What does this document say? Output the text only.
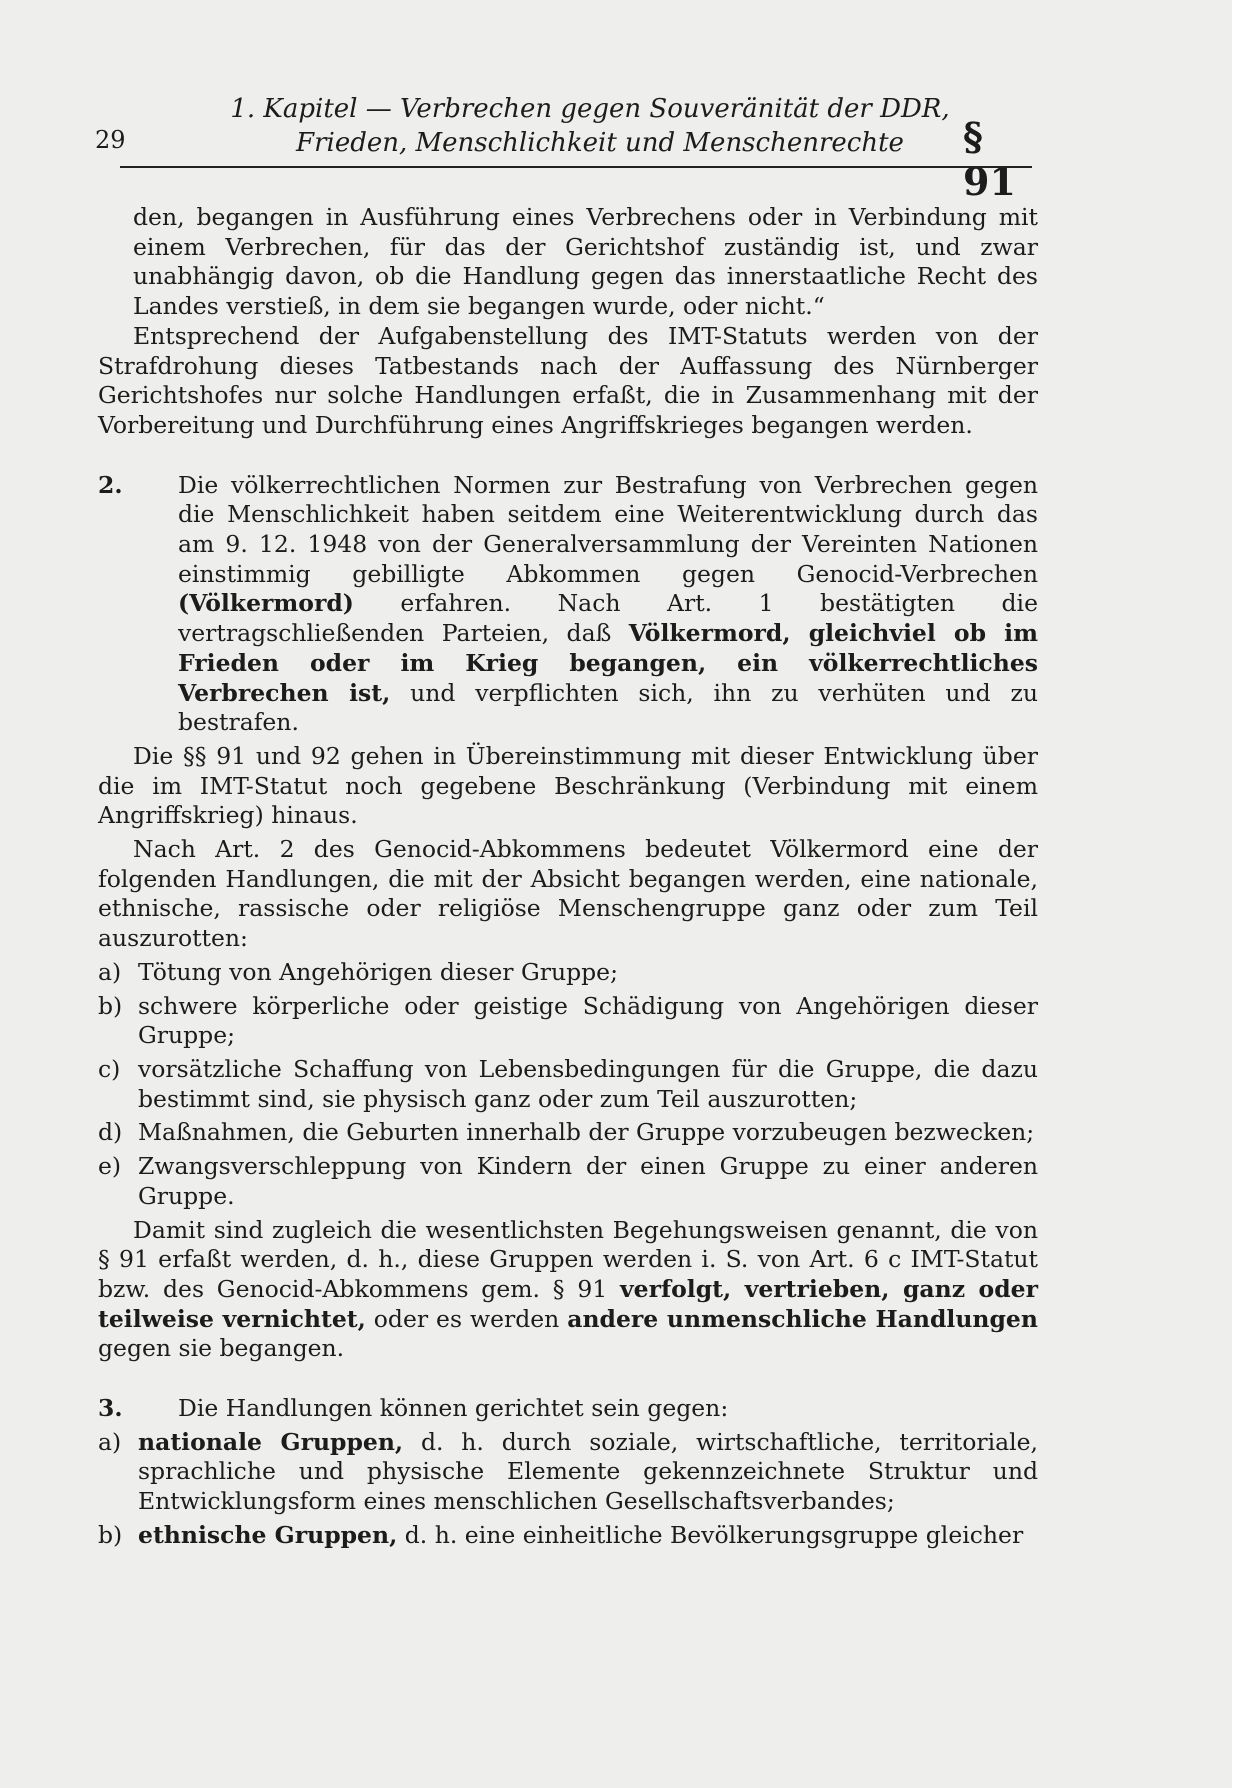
29
1. Kapitel — Verbrechen gegen Souveränität der DDR,
Frieden, Menschlichkeit und Menschenrechte	§ 91

den, begangen in Ausführung eines Verbrechens oder in Verbindung mit einem Verbrechen, für das der Gerichtshof zuständig ist, und zwar unabhängig davon, ob die Handlung gegen das innerstaatliche Recht des Landes verstieß, in dem sie begangen wurde, oder nicht.“

Entsprechend der Aufgabenstellung des IMT-Statuts werden von der Strafdrohung dieses Tatbestands nach der Auffassung des Nürnberger Gerichtshofes nur solche Handlungen erfaßt, die in Zusammenhang mit der Vorbereitung und Durchführung eines Angriffskrieges begangen werden.

2.	Die völkerrechtlichen Normen zur Bestrafung von Verbrechen gegen die Menschlichkeit haben seitdem eine Weiterentwicklung durch das am 9. 12. 1948 von der Generalversammlung der Vereinten Nationen einstimmig gebilligte Abkommen gegen Genocid-Verbrechen (Völkermord) erfahren. Nach Art. 1 bestätigten die vertragschließenden Parteien, daß Völkermord, gleichviel ob im Frieden oder im Krieg begangen, ein völkerrechtliches Verbrechen ist, und verpflichten sich, ihn zu verhüten und zu bestrafen.

Die §§ 91 und 92 gehen in Übereinstimmung mit dieser Entwicklung über die im IMT-Statut noch gegebene Beschränkung (Verbindung mit einem Angriffskrieg) hinaus.

Nach Art. 2 des Genocid-Abkommens bedeutet Völkermord eine der folgenden Handlungen, die mit der Absicht begangen werden, eine nationale, ethnische, rassische oder religiöse Menschengruppe ganz oder zum Teil auszurotten:

a) Tötung von Angehörigen dieser Gruppe;
b) schwere körperliche oder geistige Schädigung von Angehörigen dieser Gruppe;
c) vorsätzliche Schaffung von Lebensbedingungen für die Gruppe, die dazu bestimmt sind, sie physisch ganz oder zum Teil auszurotten;
d) Maßnahmen, die Geburten innerhalb der Gruppe vorzubeugen bezwecken;
e) Zwangsverschleppung von Kindern der einen Gruppe zu einer anderen Gruppe.

Damit sind zugleich die wesentlichsten Begehungsweisen genannt, die von § 91 erfaßt werden, d. h., diese Gruppen werden i. S. von Art. 6 c IMT-Statut bzw. des Genocid-Abkommens gem. § 91 verfolgt, vertrieben, ganz oder teilweise vernichtet, oder es werden andere unmenschliche Handlungen gegen sie begangen.

3.	Die Handlungen können gerichtet sein gegen:
a) nationale Gruppen, d. h. durch soziale, wirtschaftliche, territoriale, sprachliche und physische Elemente gekennzeichnete Struktur und Entwicklungsform eines menschlichen Gesellschaftsverbandes;
b) ethnische Gruppen, d. h. eine einheitliche Bevölkerungsgruppe gleicher
